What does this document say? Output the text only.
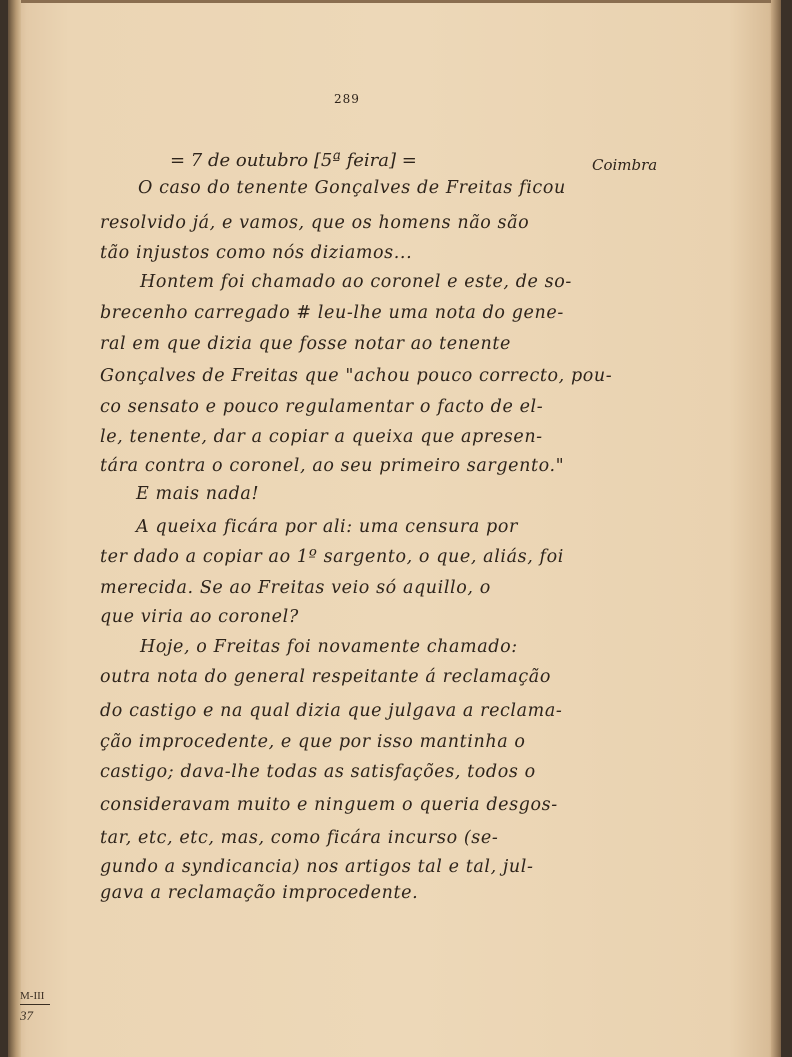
289
= 7 de outubro [5ª feira] =	Coimbra
O caso do tenente Gonçalves de Freitas ficou
resolvido já, e vamos, que os homens não são
tão injustos como nós diziamos...
Hontem foi chamado ao coronel e este, de so-
brecenho carregado # leu-lhe uma nota do gene-
ral em que dizia que fosse notar ao tenente
Gonçalves de Freitas que "achou pouco correcto, pou-
co sensato e pouco regulamentar o facto de el-
le, tenente, dar a copiar a queixa que apresen-
tára contra o coronel, ao seu primeiro sargento."
E mais nada!
A queixa ficára por ali: uma censura por
ter dado a copiar ao 1º sargento, o que, aliás, foi
merecida. Se ao Freitas veio só aquillo, o
que viria ao coronel?
Hoje, o Freitas foi novamente chamado:
outra nota do general respeitante á reclamação
do castigo e na qual dizia que julgava a reclama-
ção improcedente, e que por isso mantinha o
castigo; dava-lhe todas as satisfações, todos o
consideravam muito e ninguem o queria desgos-
tar, etc, etc, mas, como ficára incurso (se-
gundo a syndicancia) nos artigos tal e tal, jul-
gava a reclamação improcedente.
M-III
37
